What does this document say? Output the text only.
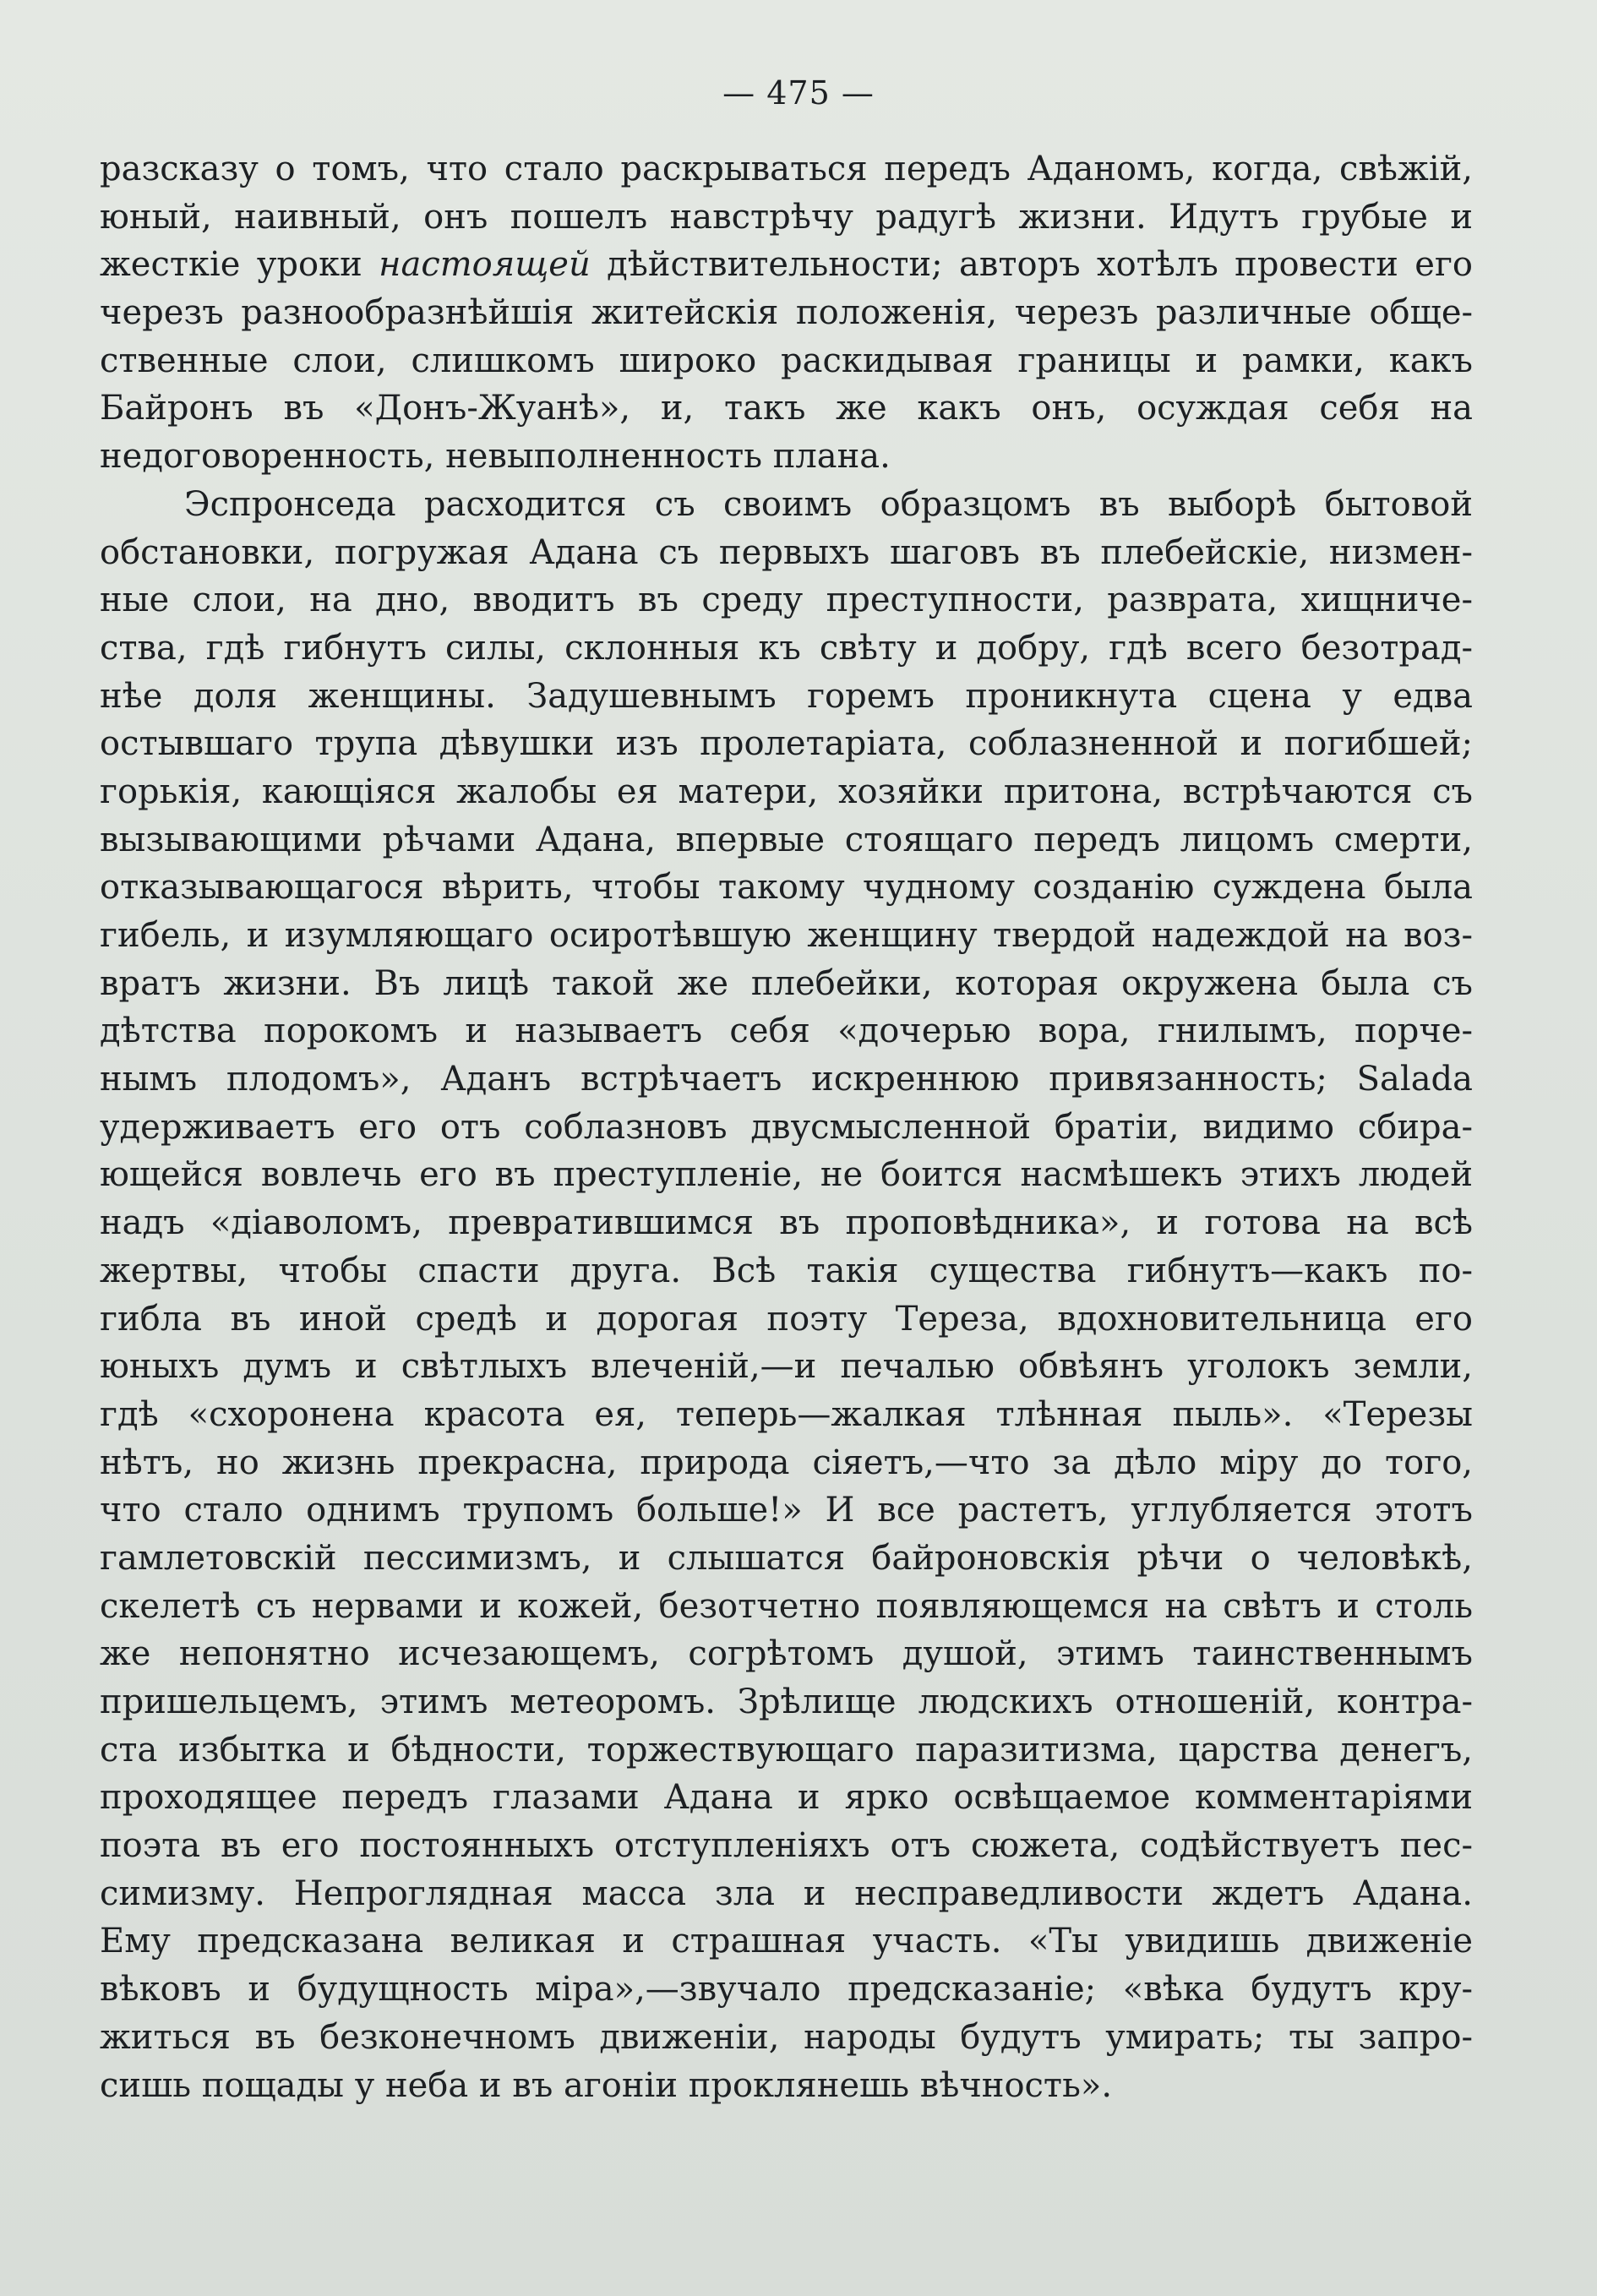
— 475 —
разсказу о томъ, что стало раскрываться передъ Аданомъ, когда, свѣжій,
юный, наивный, онъ пошелъ навстрѣчу радугѣ жизни. Идутъ грубые и
жесткіе уроки настоящей дѣйствительности; авторъ хотѣлъ провести его
черезъ разнообразнѣйшія житейскія положенія, черезъ различные обще-
ственные слои, слишкомъ широко раскидывая границы и рамки, какъ
Байронъ въ «Донъ-Жуанѣ», и, такъ же какъ онъ, осуждая себя на
недоговоренность, невыполненность плана.
Эспронседа расходится съ своимъ образцомъ въ выборѣ бытовой
обстановки, погружая Адана съ первыхъ шаговъ въ плебейскіе, низмен-
ные слои, на дно, вводитъ въ среду преступности, разврата, хищниче-
ства, гдѣ гибнутъ силы, склонныя къ свѣту и добру, гдѣ всего безотрад-
нѣе доля женщины. Задушевнымъ горемъ проникнута сцена у едва
остывшаго трупа дѣвушки изъ пролетаріата, соблазненной и погибшей;
горькія, кающіяся жалобы ея матери, хозяйки притона, встрѣчаются съ
вызывающими рѣчами Адана, впервые стоящаго передъ лицомъ смерти,
отказывающагося вѣрить, чтобы такому чудному созданію суждена была
гибель, и изумляющаго осиротѣвшую женщину твердой надеждой на воз-
вратъ жизни. Въ лицѣ такой же плебейки, которая окружена была съ
дѣтства порокомъ и называетъ себя «дочерью вора, гнилымъ, порче-
нымъ плодомъ», Аданъ встрѣчаетъ искреннюю привязанность; Salada
удерживаетъ его отъ соблазновъ двусмысленной братіи, видимо сбира-
ющейся вовлечь его въ преступленіе, не боится насмѣшекъ этихъ людей
надъ «діаволомъ, превратившимся въ проповѣдника», и готова на всѣ
жертвы, чтобы спасти друга. Всѣ такія существа гибнутъ—какъ по-
гибла въ иной средѣ и дорогая поэту Тереза, вдохновительница его
юныхъ думъ и свѣтлыхъ влеченій,—и печалью обвѣянъ уголокъ земли,
гдѣ «схоронена красота ея, теперь—жалкая тлѣнная пыль». «Терезы
нѣтъ, но жизнь прекрасна, природа сіяетъ,—что за дѣло міру до того,
что стало однимъ трупомъ больше!» И все растетъ, углубляется этотъ
гамлетовскій пессимизмъ, и слышатся байроновскія рѣчи о человѣкѣ,
скелетѣ съ нервами и кожей, безотчетно появляющемся на свѣтъ и столь
же непонятно исчезающемъ, согрѣтомъ душой, этимъ таинственнымъ
пришельцемъ, этимъ метеоромъ. Зрѣлище людскихъ отношеній, контра-
ста избытка и бѣдности, торжествующаго паразитизма, царства денегъ,
проходящее передъ глазами Адана и ярко освѣщаемое комментаріями
поэта въ его постоянныхъ отступленіяхъ отъ сюжета, содѣйствуетъ пес-
симизму. Непроглядная масса зла и несправедливости ждетъ Адана.
Ему предсказана великая и страшная участь. «Ты увидишь движеніе
вѣковъ и будущность міра»,—звучало предсказаніе; «вѣка будутъ кру-
житься въ безконечномъ движеніи, народы будутъ умирать; ты запро-
сишь пощады у неба и въ агоніи проклянешь вѣчность».
